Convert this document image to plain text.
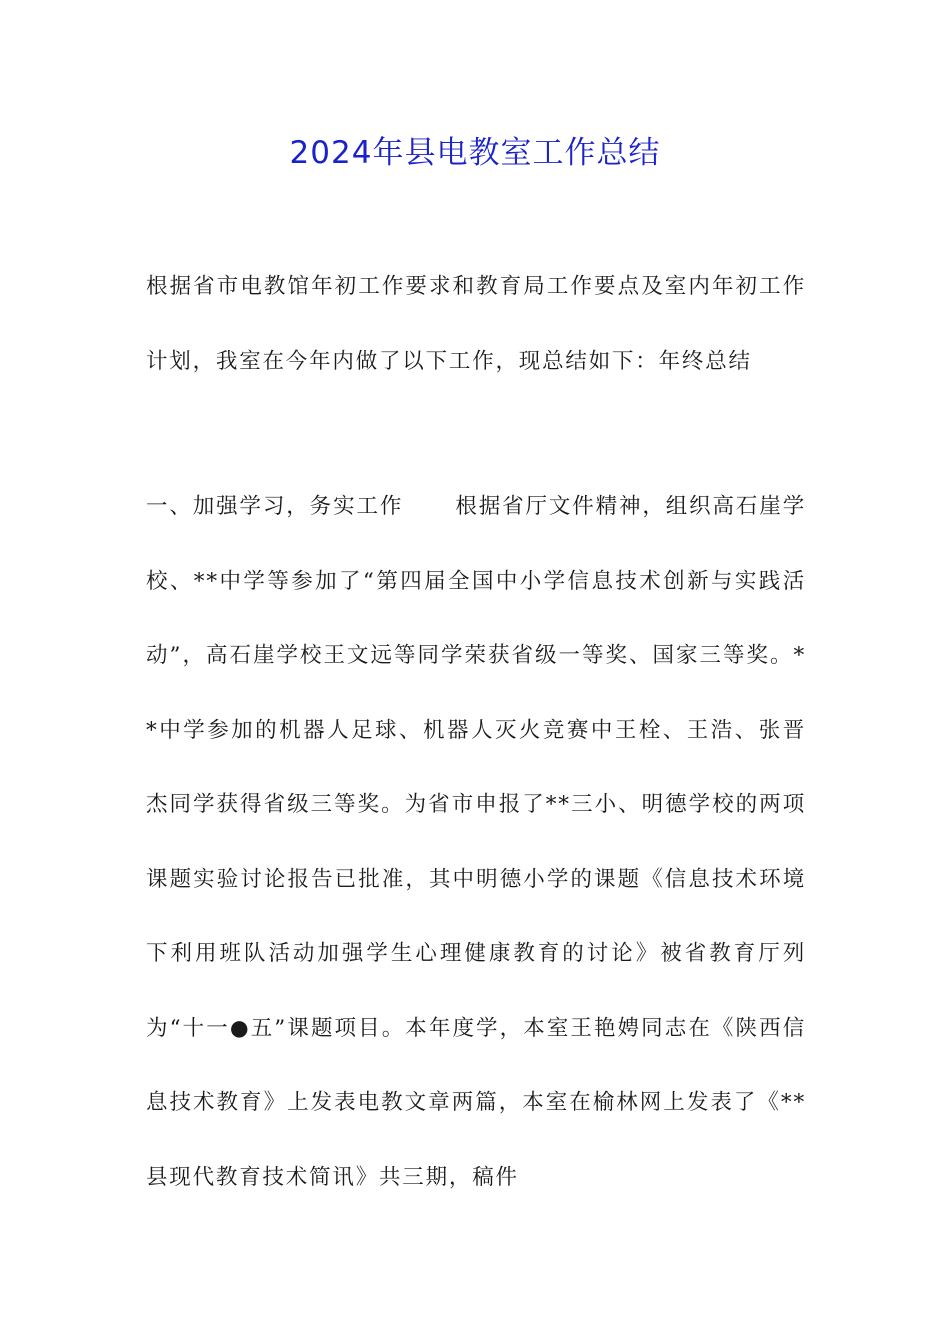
2024年县电教室工作总结

根据省市电教馆年初工作要求和教育局工作要点及室内年初工作计划，我室在今年内做了以下工作，现总结如下：年终总结

一、加强学习，务实工作 根据省厅文件精神，组织高石崖学校、**中学等参加了“第四届全国中小学信息技术创新与实践活动”，高石崖学校王文远等同学荣获省级一等奖、国家三等奖。**中学参加的机器人足球、机器人灭火竞赛中王栓、王浩、张晋杰同学获得省级三等奖。为省市申报了**三小、明德学校的两项课题实验讨论报告已批准，其中明德小学的课题《信息技术环境下利用班队活动加强学生心理健康教育的讨论》被省教育厅列为“十一●五”课题项目。本年度学，本室王艳娉同志在《陕西信息技术教育》上发表电教文章两篇，本室在榆林网上发表了《**县现代教育技术简讯》共三期，稿件
